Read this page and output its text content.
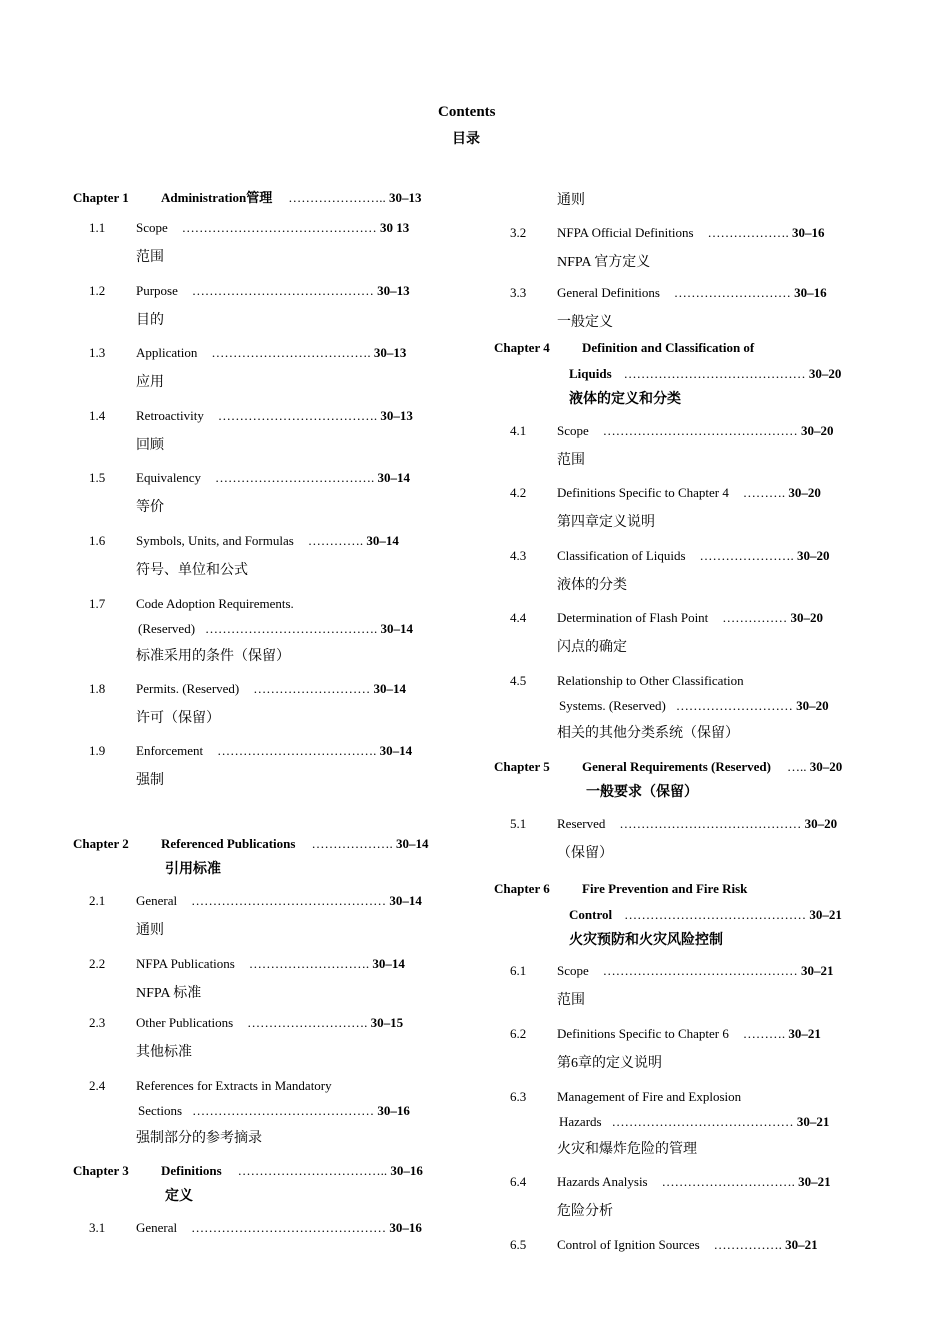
Contents
目录
Chapter 1 Administration管理 ………………….. 30–13
1.1 Scope ……………………………………… 30 13
范围
1.2 Purpose …………………………………… 30–13
目的
1.3 Application ………………………………. 30–13
应用
1.4 Retroactivity ………………………………. 30–13
回顾
1.5 Equivalency ………………………………. 30–14
等价
1.6 Symbols, Units, and Formulas …………. 30–14
符号、单位和公式
1.7 Code Adoption Requirements.
(Reserved) …………………………………. 30–14
标准采用的条件（保留）
1.8 Permits. (Reserved) ……………………… 30–14
许可（保留）
1.9 Enforcement ………………………………. 30–14
强制
Chapter 2 Referenced Publications ………………. 30–14
引用标准
2.1 General ……………………………………… 30–14
通则
2.2 NFPA Publications ………………………. 30–14
NFPA 标准
2.3 Other Publications ………………………. 30–15
其他标准
2.4 References for Extracts in Mandatory
Sections …………………………………… 30–16
强制部分的参考摘录
Chapter 3 Definitions …………………………….. 30–16
定义
3.1 General ……………………………………… 30–16
通则
3.2 NFPA Official Definitions ………………. 30–16
NFPA 官方定义
3.3 General Definitions ……………………… 30–16
一般定义
Chapter 4 Definition and Classification of
Liquids …………………………………… 30–20
液体的定义和分类
4.1 Scope ……………………………………… 30–20
范围
4.2 Definitions Specific to Chapter 4 ………. 30–20
第四章定义说明
4.3 Classification of Liquids …………………. 30–20
液体的分类
4.4 Determination of Flash Point …………… 30–20
闪点的确定
4.5 Relationship to Other Classification
Systems. (Reserved) ……………………… 30–20
相关的其他分类系统（保留）
Chapter 5 General Requirements (Reserved) ….. 30–20
一般要求（保留）
5.1 Reserved …………………………………… 30–20
（保留）
Chapter 6 Fire Prevention and Fire Risk
Control …………………………………… 30–21
火灾预防和火灾风险控制
6.1 Scope ……………………………………… 30–21
范围
6.2 Definitions Specific to Chapter 6 ………. 30–21
第6章的定义说明
6.3 Management of Fire and Explosion
Hazards …………………………………… 30–21
火灾和爆炸危险的管理
6.4 Hazards Analysis …………………………. 30–21
危险分析
6.5 Control of Ignition Sources ……………. 30–21
